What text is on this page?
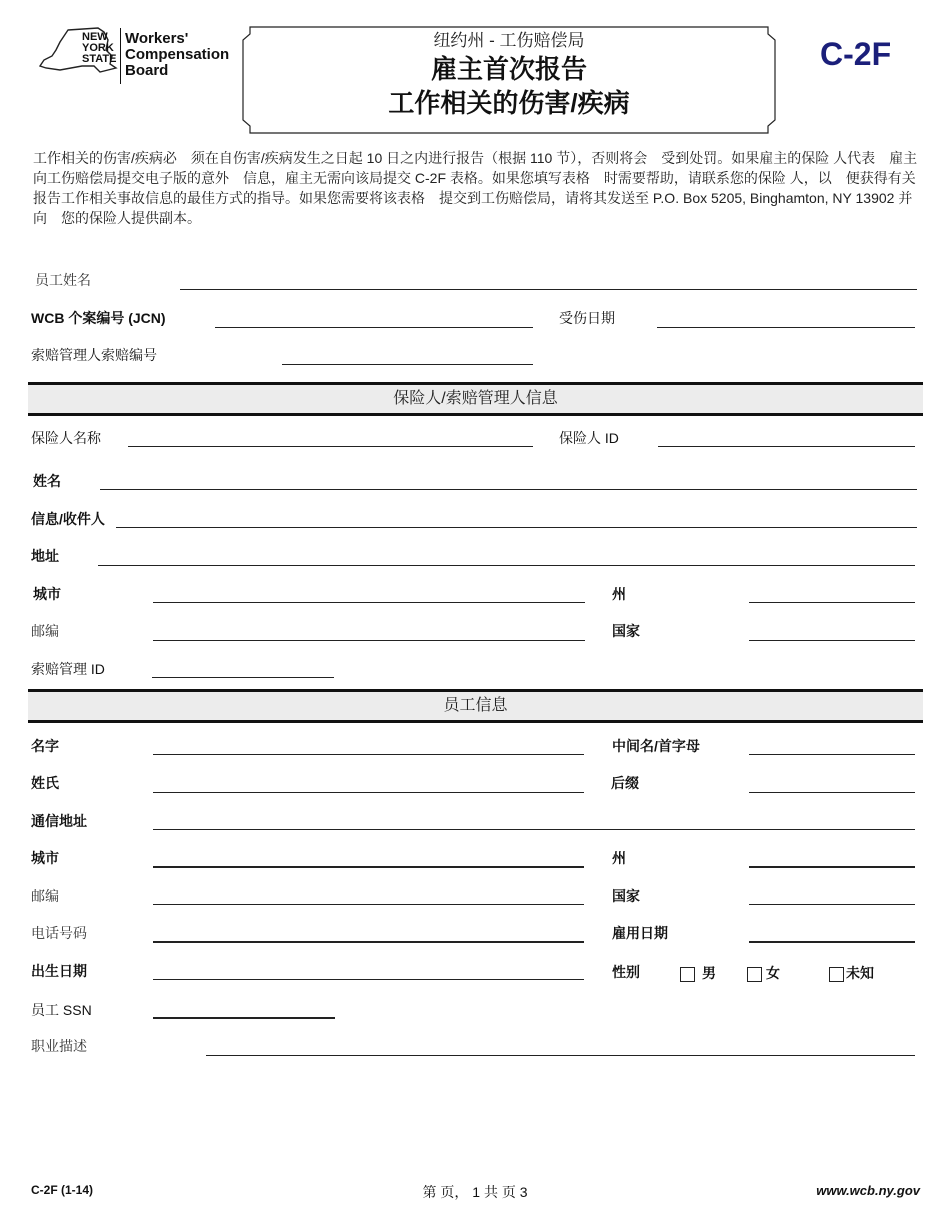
NEW
YORK
STATE
Workers'
Compensation
Board
纽约州 - 工伤赔偿局
雇主首次报告
工作相关的伤害/疾病
C-2F
工作相关的伤害/疾病必　须在自伤害/疾病发生之日起 10 日之内进行报告（根据 110 节），否则将会　受到处罚。如果雇主的保险 人代表　雇主向工伤赔偿局提交电子版的意外　信息，雇主无需向该局提交 C-2F 表格。如果您填写表格　时需要帮助，请联系您的保险 人，以　便获得有关报告工作相关事故信息的最佳方式的指导。如果您需要将该表格　提交到工伤赔偿局，请将其发送至 P.O. Box 5205, Binghamton, NY 13902 并向　您的保险人提供副本。
员工姓名
WCB 个案编号 (JCN)	受伤日期
索赔管理人索赔编号
保险人/索赔管理人信息
保险人名称	保险人 ID
姓名
信息/收件人
地址
城市	州
邮编	国家
索赔管理 ID
员工信息
名字	中间名/首字母
姓氏	后缀
通信地址
城市	州
邮编	国家
电话号码	雇用日期
出生日期	性别	男	女	未知
员工 SSN
职业描述
C-2F (1-14)	第 页， 1 共 页 3	www.wcb.ny.gov
